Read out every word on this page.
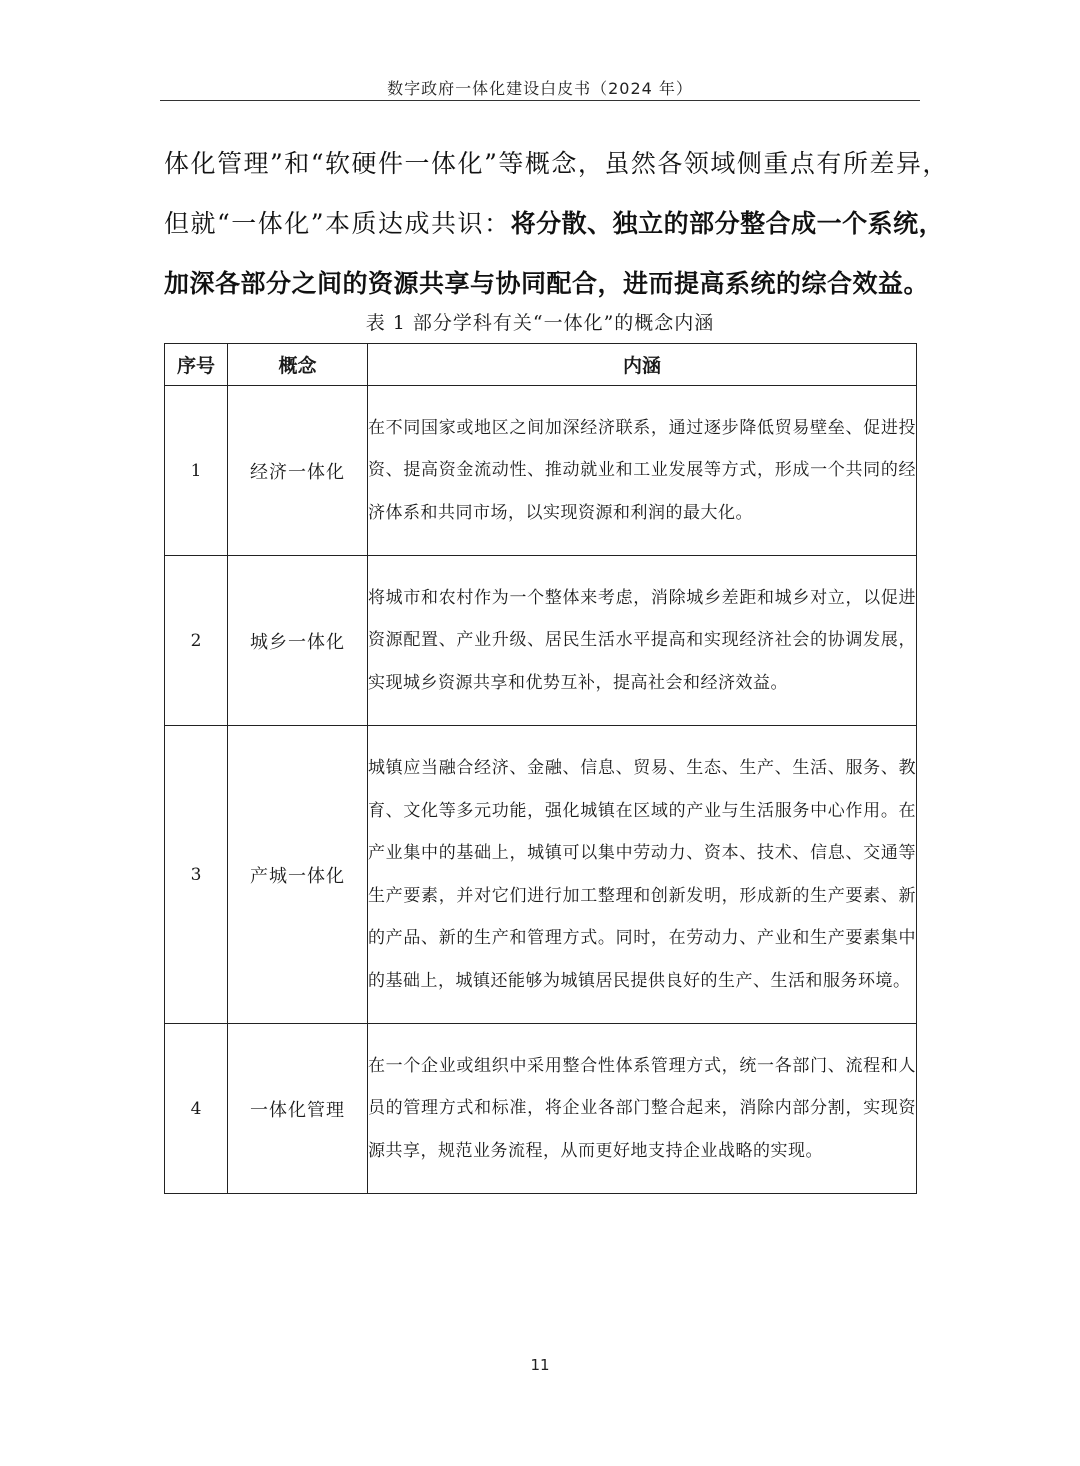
数字政府一体化建设白皮书（2024 年）

体化管理”和“软硬件一体化”等概念，虽然各领域侧重点有所差异，

但就“一体化”本质达成共识：将分散、独立的部分整合成一个系统，

加深各部分之间的资源共享与协同配合，进而提高系统的综合效益。

表 1 部分学科有关“一体化”的概念内涵
序号	概念	内涵
1	经济一体化	在不同国家或地区之间加深经济联系，通过逐步降低贸易壁垒、促进投资、提高资金流动性、推动就业和工业发展等方式，形成一个共同的经济体系和共同市场，以实现资源和利润的最大化。
2	城乡一体化	将城市和农村作为一个整体来考虑，消除城乡差距和城乡对立，以促进资源配置、产业升级、居民生活水平提高和实现经济社会的协调发展，实现城乡资源共享和优势互补，提高社会和经济效益。
3	产城一体化	城镇应当融合经济、金融、信息、贸易、生态、生产、生活、服务、教育、文化等多元功能，强化城镇在区域的产业与生活服务中心作用。在产业集中的基础上，城镇可以集中劳动力、资本、技术、信息、交通等生产要素，并对它们进行加工整理和创新发明，形成新的生产要素、新的产品、新的生产和管理方式。同时，在劳动力、产业和生产要素集中的基础上，城镇还能够为城镇居民提供良好的生产、生活和服务环境。
4	一体化管理	在一个企业或组织中采用整合性体系管理方式，统一各部门、流程和人员的管理方式和标准，将企业各部门整合起来，消除内部分割，实现资源共享，规范业务流程，从而更好地支持企业战略的实现。
11
